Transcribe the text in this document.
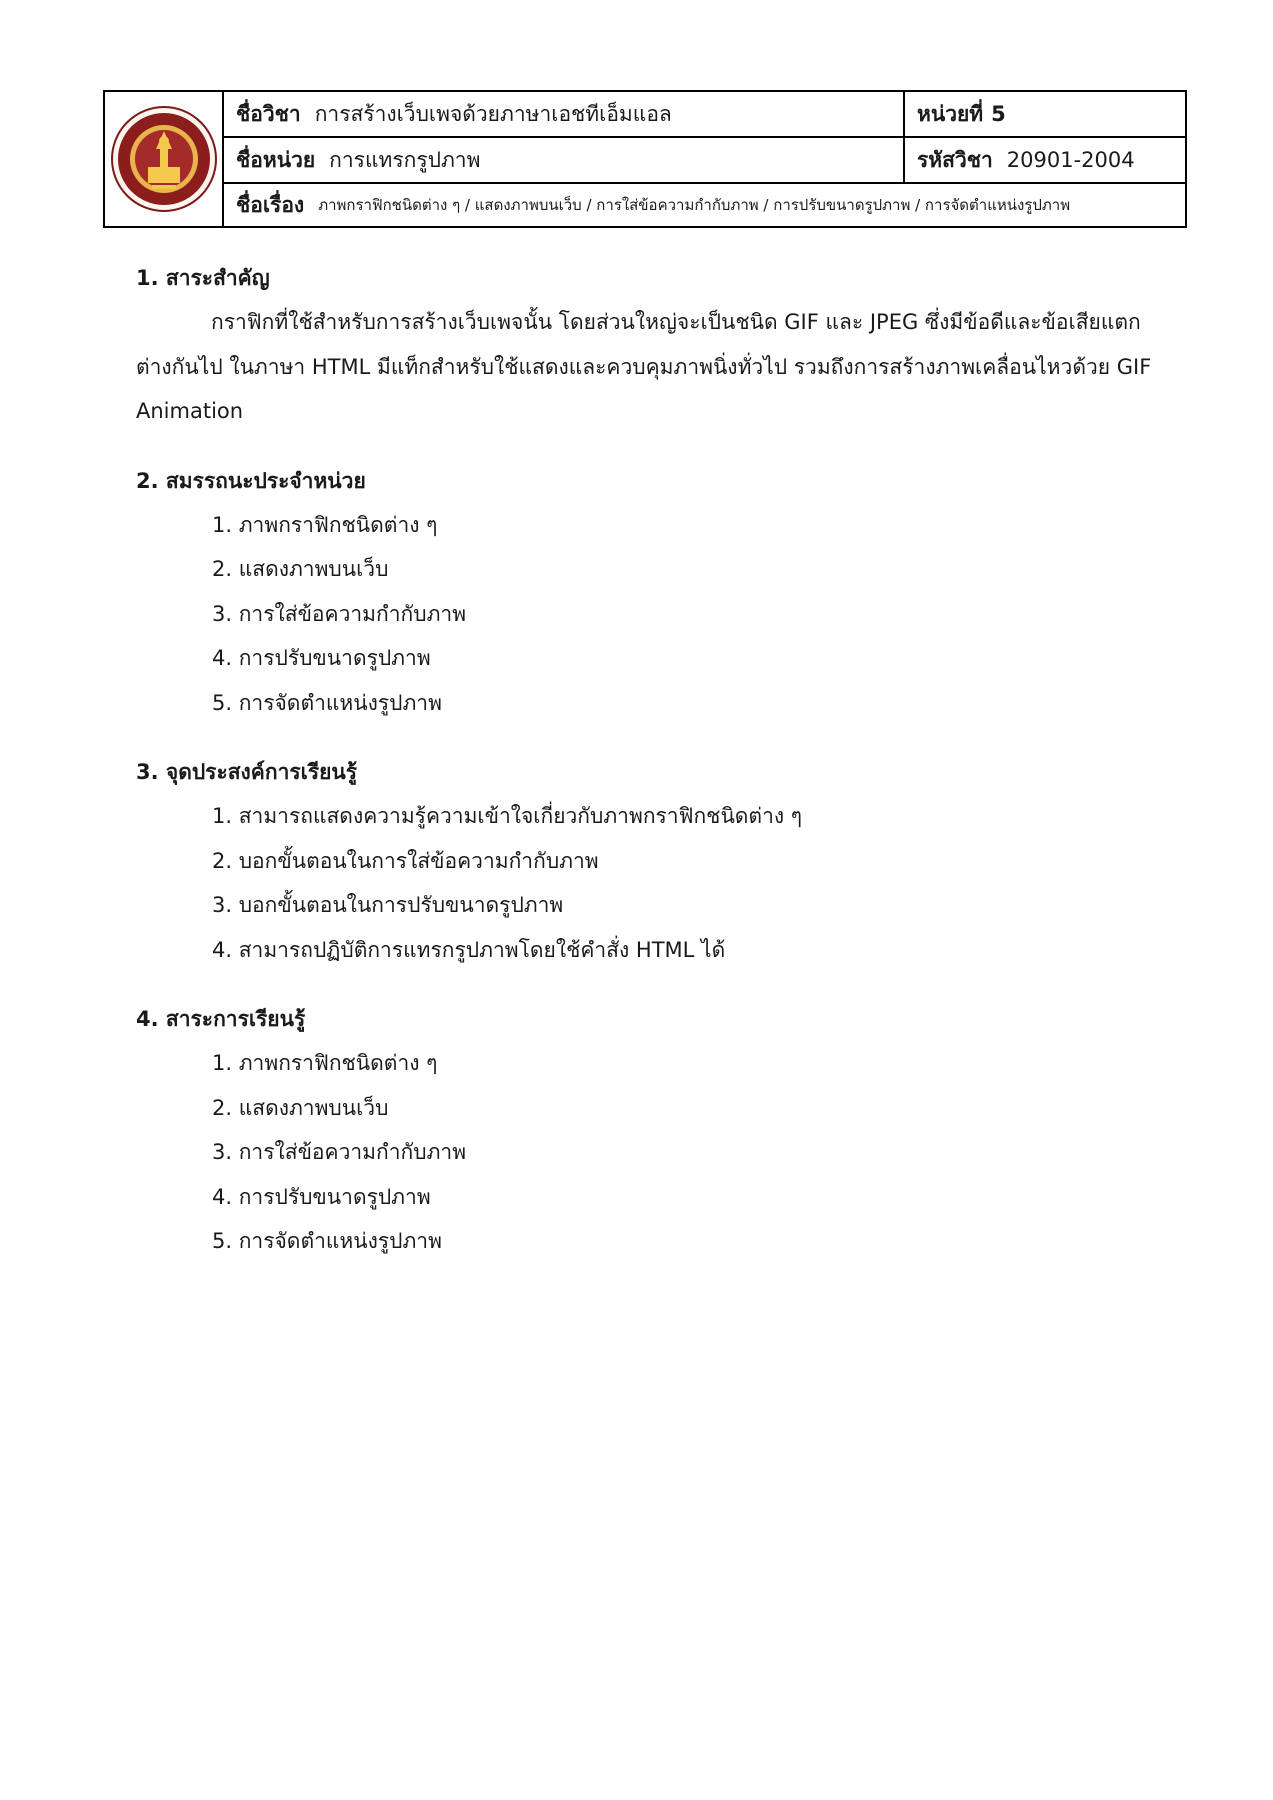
ชื่อวิชา การสร้างเว็บเพจด้วยภาษาเอชทีเอ็มแอล	หน่วยที่ 5
ชื่อหน่วย การแทรกรูปภาพ	รหัสวิชา 20901-2004
ชื่อเรื่อง ภาพกราฟิกชนิดต่าง ๆ / แสดงภาพบนเว็บ / การใส่ข้อความกำกับภาพ / การปรับขนาดรูปภาพ / การจัดตำแหน่งรูปภาพ

1. สาระสำคัญ

กราฟิกที่ใช้สำหรับการสร้างเว็บเพจนั้น โดยส่วนใหญ่จะเป็นชนิด GIF และ JPEG ซึ่งมีข้อดีและข้อเสียแตกต่างกันไป ในภาษา HTML มีแท็กสำหรับใช้แสดงและควบคุมภาพนิ่งทั่วไป รวมถึงการสร้างภาพเคลื่อนไหวด้วย GIF Animation

2. สมรรถนะประจำหน่วย

1. ภาพกราฟิกชนิดต่าง ๆ
2. แสดงภาพบนเว็บ
3. การใส่ข้อความกำกับภาพ
4. การปรับขนาดรูปภาพ
5. การจัดตำแหน่งรูปภาพ

3. จุดประสงค์การเรียนรู้

1. สามารถแสดงความรู้ความเข้าใจเกี่ยวกับภาพกราฟิกชนิดต่าง ๆ
2. บอกขั้นตอนในการใส่ข้อความกำกับภาพ
3. บอกขั้นตอนในการปรับขนาดรูปภาพ
4. สามารถปฏิบัติการแทรกรูปภาพโดยใช้คำสั่ง HTML ได้

4. สาระการเรียนรู้

1. ภาพกราฟิกชนิดต่าง ๆ
2. แสดงภาพบนเว็บ
3. การใส่ข้อความกำกับภาพ
4. การปรับขนาดรูปภาพ
5. การจัดตำแหน่งรูปภาพ
